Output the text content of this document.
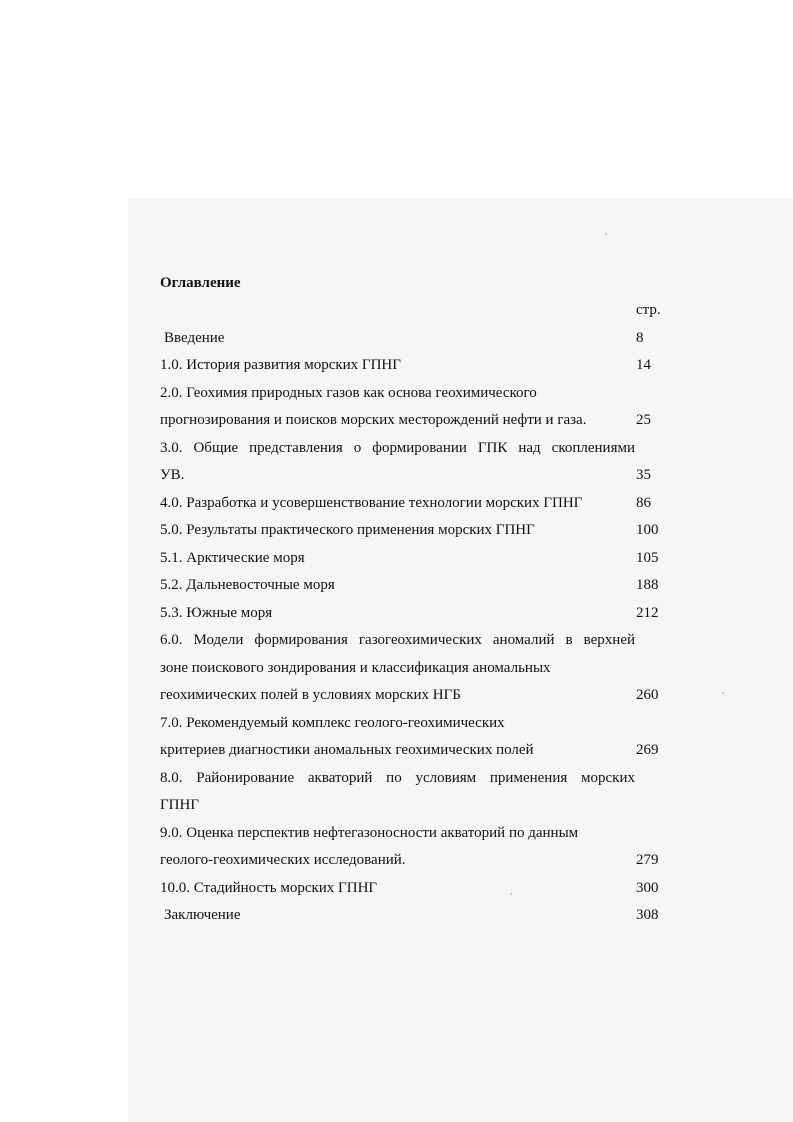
Оглавление
стр.
Введение	8
1.0. История развития морских ГПНГ	14
2.0. Геохимия природных газов как основа геохимического
прогнозирования и поисков морских месторождений нефти и газа.	25
3.0. Общие представления о формировании ГПК над скоплениями
УВ.	35
4.0. Разработка и усовершенствование технологии морских ГПНГ	86
5.0. Результаты практического применения морских ГПНГ	100
5.1. Арктические моря	105
5.2. Дальневосточные моря	188
5.3. Южные моря	212
6.0. Модели формирования газогеохимических аномалий в верхней
зоне поискового зондирования и классификация аномальных
геохимических полей в условиях морских НГБ	260
7.0. Рекомендуемый комплекс геолого-геохимических
критериев диагностики аномальных геохимических полей	269
8.0. Районирование акваторий по условиям применения морских
ГПНГ
9.0. Оценка перспектив нефтегазоносности акваторий по данным
геолого-геохимических исследований.	279
10.0. Стадийность морских ГПНГ	300
Заключение	308
